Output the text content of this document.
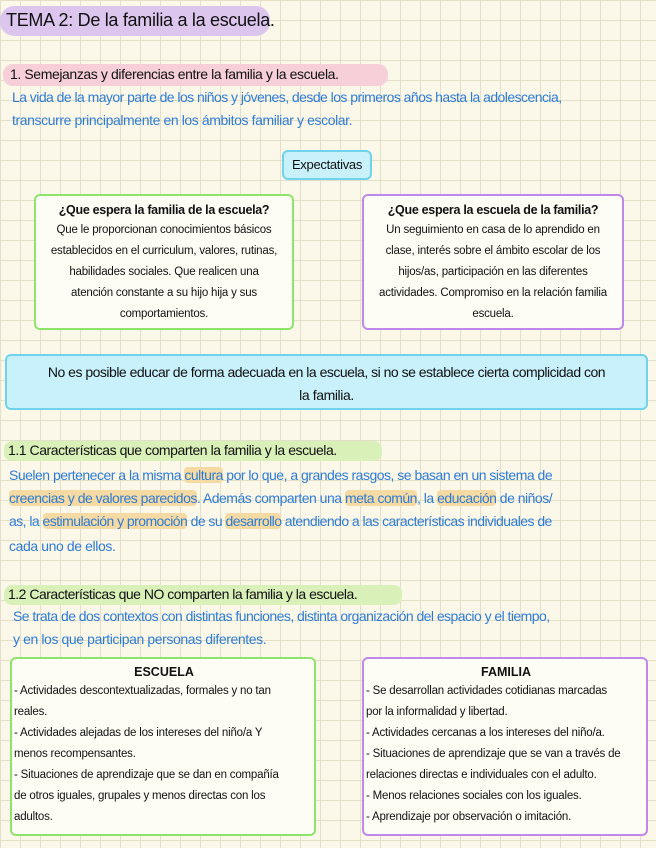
TEMA 2: De la familia a la escuela.
1. Semejanzas y diferencias entre la familia y la escuela.
La vida de la mayor parte de los niños y jóvenes, desde los primeros años hasta la adolescencia,
transcurre principalmente en los ámbitos familiar y escolar.
Expectativas
¿Que espera la familia de la escuela?
Que le proporcionan conocimientos básicos
establecidos en el curriculum, valores, rutinas,
habilidades sociales. Que realicen una
atención constante a su hijo hija y sus
comportamientos.
¿Que espera la escuela de la familia?
Un seguimiento en casa de lo aprendido en
clase, interés sobre el ámbito escolar de los
hijos/as, participación en las diferentes
actividades. Compromiso en la relación familia
escuela.
No es posible educar de forma adecuada en la escuela, si no se establece cierta complicidad con
la familia.
1.1 Características que comparten la familia y la escuela.
Suelen pertenecer a la misma cultura por lo que, a grandes rasgos, se basan en un sistema de
creencias y de valores parecidos. Además comparten una meta común, la educación de niños/
as, la estimulación y promoción de su desarrollo atendiendo a las características individuales de
cada uno de ellos.
1.2 Características que NO comparten la familia y la escuela.
Se trata de dos contextos con distintas funciones, distinta organización del espacio y el tiempo,
y en los que participan personas diferentes.
ESCUELA
- Actividades descontextualizadas, formales y no tan
reales.
- Actividades alejadas de los intereses del niño/a Y
menos recompensantes.
- Situaciones de aprendizaje que se dan en compañía
de otros iguales, grupales y menos directas con los
adultos.
FAMILIA
- Se desarrollan actividades cotidianas marcadas
por la informalidad y libertad.
- Actividades cercanas a los intereses del niño/a.
- Situaciones de aprendizaje que se van a través de
relaciones directas e individuales con el adulto.
- Menos relaciones sociales con los iguales.
- Aprendizaje por observación o imitación.
